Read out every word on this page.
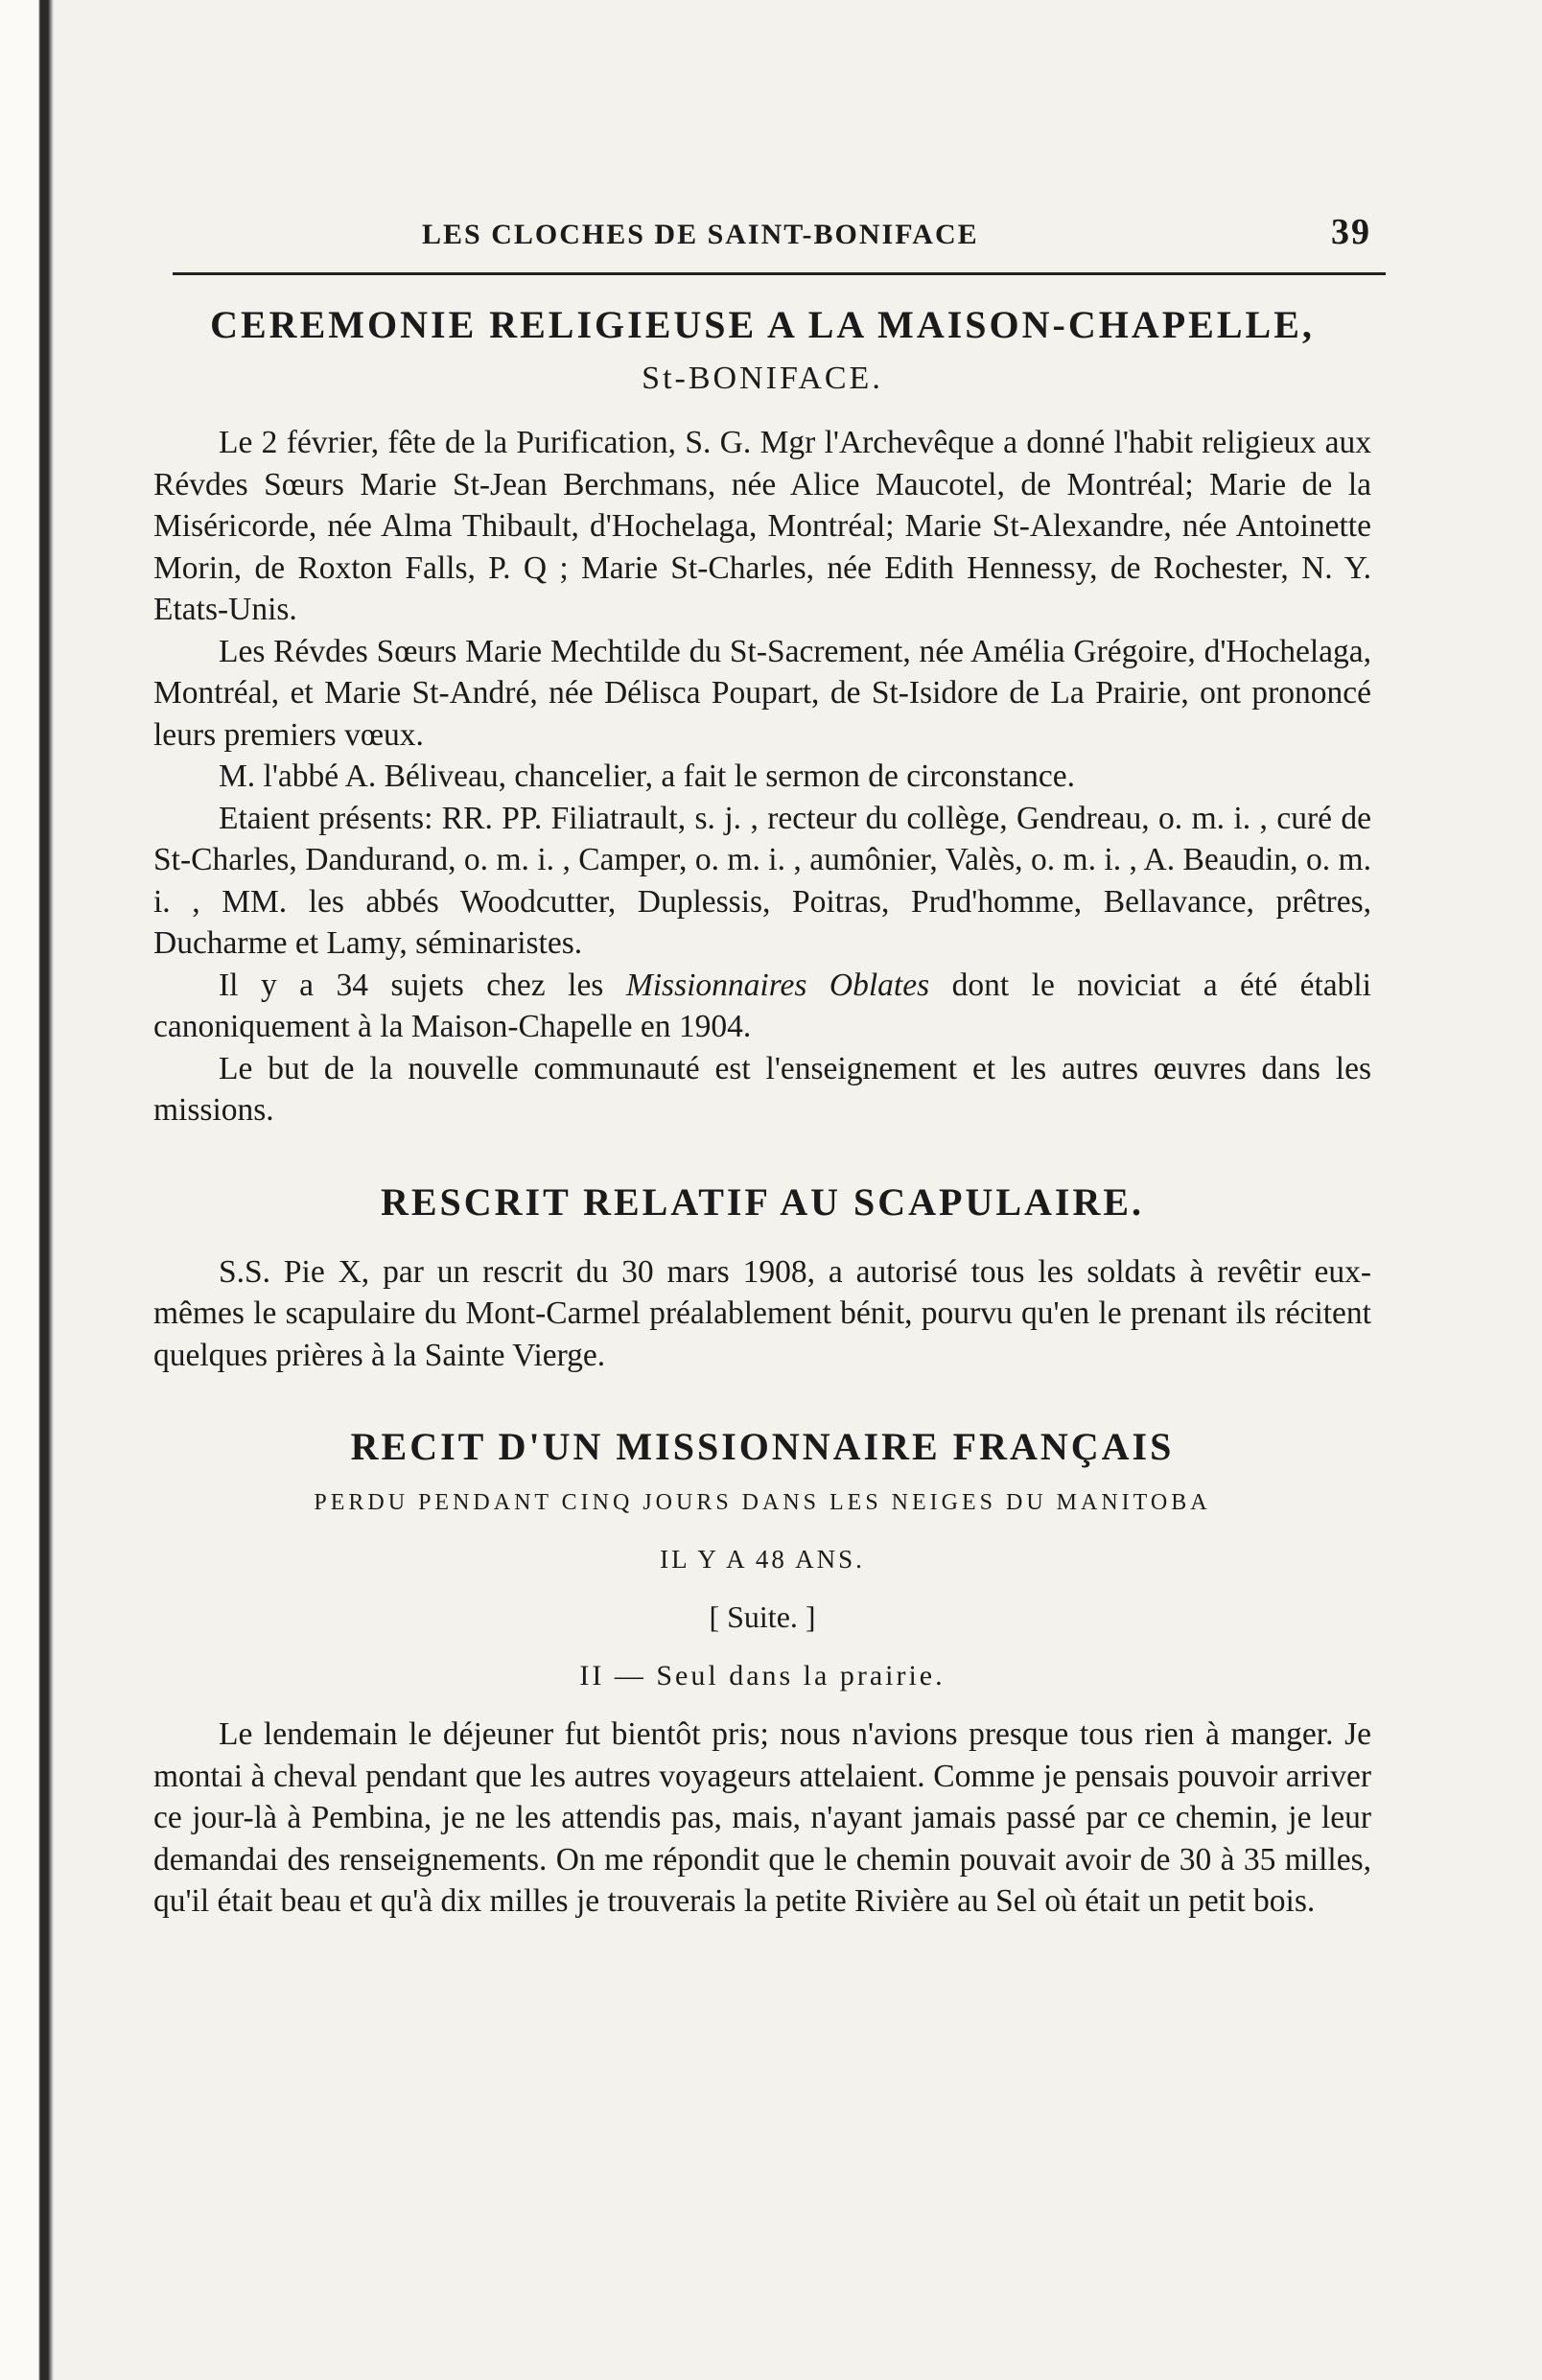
LES CLOCHES DE SAINT-BONIFACE	39
CEREMONIE RELIGIEUSE A LA MAISON-CHAPELLE,
St-BONIFACE.

Le 2 février, fête de la Purification, S. G. Mgr l'Archevêque a donné l'habit religieux aux Révdes Sœurs Marie St-Jean Berchmans, née Alice Maucotel, de Montréal; Marie de la Miséricorde, née Alma Thibault, d'Hochelaga, Montréal; Marie St-Alexandre, née Antoinette Morin, de Roxton Falls, P. Q ; Marie St-Charles, née Edith Hennessy, de Rochester, N. Y. Etats-Unis.

Les Révdes Sœurs Marie Mechtilde du St-Sacrement, née Amélia Grégoire, d'Hochelaga, Montréal, et Marie St-André, née Délisca Poupart, de St-Isidore de La Prairie, ont prononcé leurs premiers vœux.

M. l'abbé A. Béliveau, chancelier, a fait le sermon de circonstance.

Etaient présents: RR. PP. Filiatrault, s. j. , recteur du collège, Gendreau, o. m. i. , curé de St-Charles, Dandurand, o. m. i. , Camper, o. m. i. , aumônier, Valès, o. m. i. , A. Beaudin, o. m. i. , MM. les abbés Woodcutter, Duplessis, Poitras, Prud'homme, Bellavance, prêtres, Ducharme et Lamy, séminaristes.

Il y a 34 sujets chez les Missionnaires Oblates dont le noviciat a été établi canoniquement à la Maison-Chapelle en 1904.

Le but de la nouvelle communauté est l'enseignement et les autres œuvres dans les missions.

RESCRIT RELATIF AU SCAPULAIRE.

S.S. Pie X, par un rescrit du 30 mars 1908, a autorisé tous les soldats à revêtir eux-mêmes le scapulaire du Mont-Carmel préalablement bénit, pourvu qu'en le prenant ils récitent quelques prières à la Sainte Vierge.

RECIT D'UN MISSIONNAIRE FRANÇAIS
PERDU PENDANT CINQ JOURS DANS LES NEIGES DU MANITOBA
IL Y A 48 ANS.
[ Suite. ]
II — Seul dans la prairie.

Le lendemain le déjeuner fut bientôt pris; nous n'avions presque tous rien à manger. Je montai à cheval pendant que les autres voyageurs attelaient. Comme je pensais pouvoir arriver ce jour-là à Pembina, je ne les attendis pas, mais, n'ayant jamais passé par ce chemin, je leur demandai des renseignements. On me répondit que le chemin pouvait avoir de 30 à 35 milles, qu'il était beau et qu'à dix milles je trouverais la petite Rivière au Sel où était un petit bois.
